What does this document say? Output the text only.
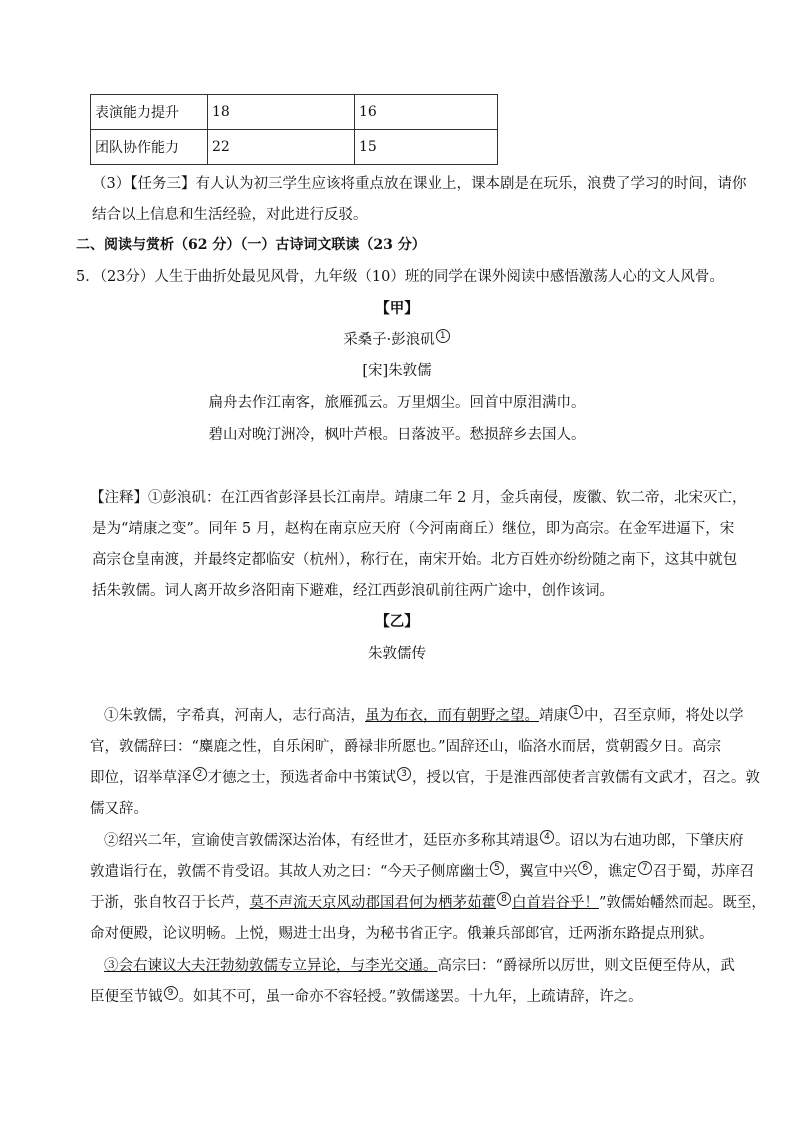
表演能力提升	18	16
团队协作能力	22	15
（3）【任务三】有人认为初三学生应该将重点放在课业上，课本剧是在玩乐，浪费了学习的时间，请你
结合以上信息和生活经验，对此进行反驳。
二、阅读与赏析（62 分）（一）古诗词文联读（23 分）
5．（23分）人生于曲折处最见风骨，九年级（10）班的同学在课外阅读中感悟激荡人心的文人风骨。
【甲】
采桑子·彭浪矶 1
[宋]朱敦儒
扁舟去作江南客，旅雁孤云。万里烟尘。回首中原泪满巾。
碧山对晚汀洲冷，枫叶芦根。日落波平。愁损辞乡去国人。
【注释】①彭浪矶：在江西省彭泽县长江南岸。靖康二年 2 月，金兵南侵，废徽、钦二帝，北宋灭亡，
是为“靖康之变”。同年 5 月，赵构在南京应天府（今河南商丘）继位，即为高宗。在金军进逼下，宋
高宗仓皇南渡，并最终定都临安（杭州），称行在，南宋开始。北方百姓亦纷纷随之南下，这其中就包
括朱敦儒。词人离开故乡洛阳南下避难，经江西彭浪矶前往两广途中，创作该词。
【乙】
朱敦儒传
①朱敦儒，字希真，河南人，志行高洁，虽为布衣，而有朝野之望。靖康 1 中，召至京师，将处以学
官，敦儒辞曰：“麋鹿之性，自乐闲旷，爵禄非所愿也。”固辞还山，临洛水而居，赏朝霞夕日。高宗
即位，诏举草泽 2 才德之士，预选者命中书策试 3 ，授以官，于是淮西部使者言敦儒有文武才，召之。敦
儒又辞。
②绍兴二年，宣谕使言敦儒深达治体，有经世才，廷臣亦多称其靖退 4 。诏以为右迪功郎，下肇庆府
敦遣诣行在，敦儒不肯受诏。其故人劝之曰：“今天子侧席幽士 5 ，翼宣中兴 6 ，谯定 7 召于蜀，苏庠召
于浙，张自牧召于长芦，莫不声流天京风动郡国君何为栖茅茹藿 8 白首岩谷乎！”敦儒始幡然而起。既至，
命对便殿，论议明畅。上悦，赐进士出身，为秘书省正字。俄兼兵部郎官，迁两浙东路提点刑狱。
③会右谏议大夫汪勃劾敦儒专立异论，与李光交通。高宗曰：“爵禄所以厉世，则文臣便至侍从，武
臣便至节钺 9 。如其不可，虽一命亦不容轻授。”敦儒遂罢。十九年，上疏请辞，许之。
